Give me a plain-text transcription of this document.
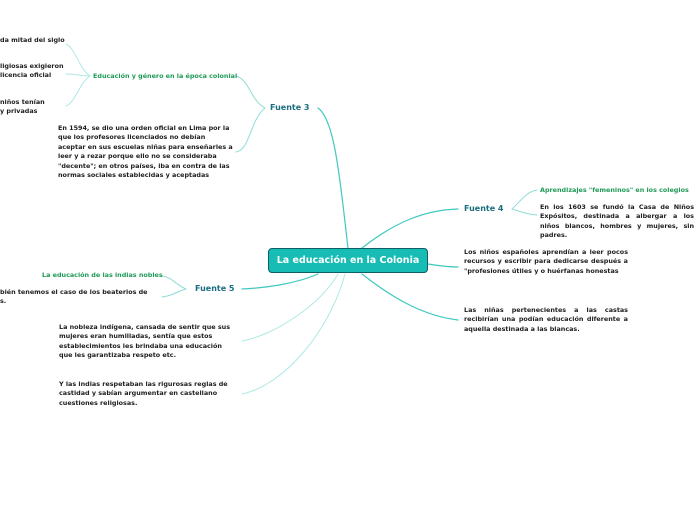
La educación en la Colonia
Fuente 3
Educación y género en la época colonial
da mitad del siglo
ligiosas exigieron
licencia oficial
niños tenían
y privadas
En 1594, se dio una orden oficial en Lima por la que los profesores licenciados no debían aceptar en sus escuelas niñas para enseñarles a leer y a rezar porque ello no se consideraba "decente"; en otros países, iba en contra de las normas sociales establecidas y aceptadas
Fuente 4
Aprendizajes "femeninos" en los colegios
En los 1603 se fundó la Casa de Niños Expósitos, destinada a albergar a los niños blancos, hombres y mujeres, sin padres.
Los niños españoles aprendían a leer pocos recursos y escribir para dedicarse después a "profesiones útiles y o huérfanas honestas
Las niñas pertenecientes a las castas recibirían una podían educación diferente a aquella destinada a las blancas.
Fuente 5
La educación de las indias nobles
bién tenemos el caso de los beaterios de
s.
La nobleza indígena, cansada de sentir que sus mujeres eran humilladas, sentía que estos establecimientos les brindaba una educación que les garantizaba respeto etc.
Y las indias respetaban las rigurosas reglas de castidad y sabían argumentar en castellano cuestiones religiosas.
